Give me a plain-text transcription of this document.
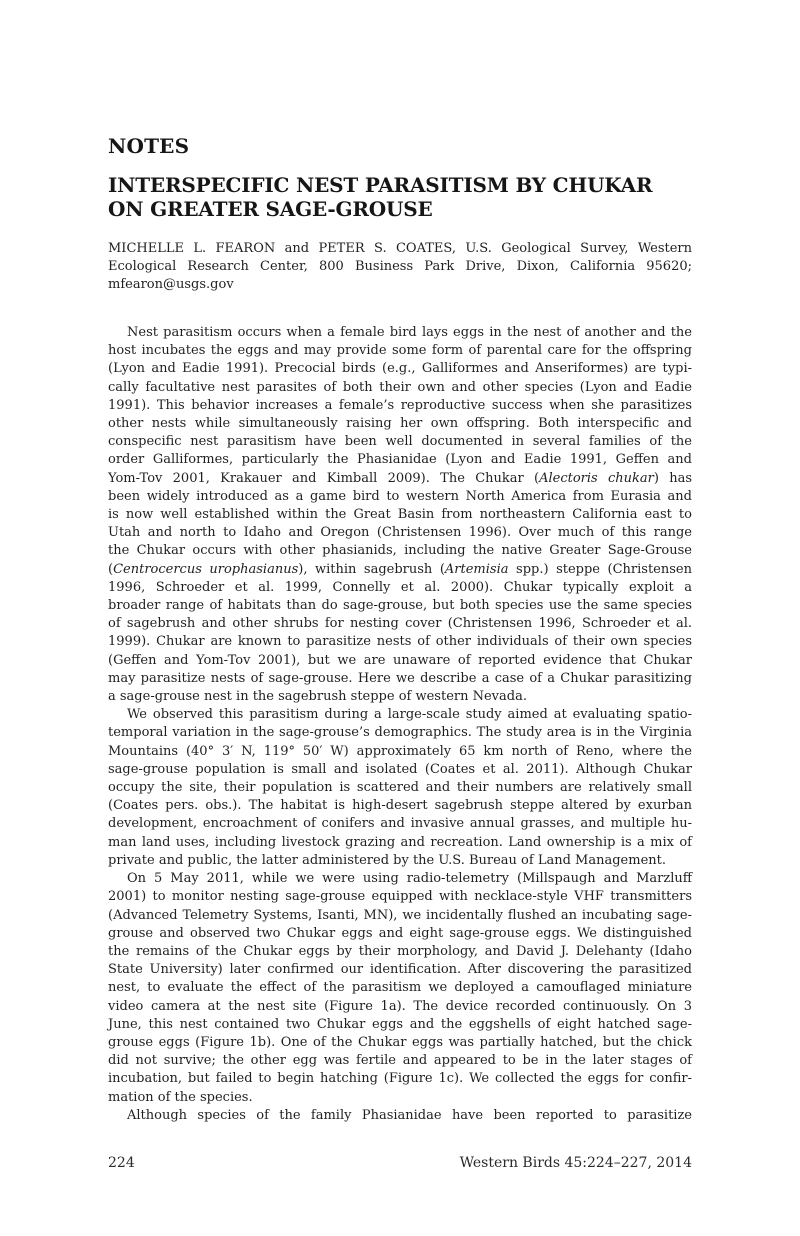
NOTES
INTERSPECIFIC NEST PARASITISM BY CHUKAR
ON GREATER SAGE-GROUSE
MICHELLE L. FEARON and PETER S. COATES, U.S. Geological Survey, Western
Ecological Research Center, 800 Business Park Drive, Dixon, California 95620;
mfearon@usgs.gov
Nest parasitism occurs when a female bird lays eggs in the nest of another and the
host incubates the eggs and may provide some form of parental care for the offspring
(Lyon and Eadie 1991). Precocial birds (e.g., Galliformes and Anseriformes) are typi-
cally facultative nest parasites of both their own and other species (Lyon and Eadie
1991). This behavior increases a female’s reproductive success when she parasitizes
other nests while simultaneously raising her own offspring. Both interspecific and
conspecific nest parasitism have been well documented in several families of the
order Galliformes, particularly the Phasianidae (Lyon and Eadie 1991, Geffen and
Yom-Tov 2001, Krakauer and Kimball 2009). The Chukar (Alectoris chukar) has
been widely introduced as a game bird to western North America from Eurasia and
is now well established within the Great Basin from northeastern California east to
Utah and north to Idaho and Oregon (Christensen 1996). Over much of this range
the Chukar occurs with other phasianids, including the native Greater Sage-Grouse
(Centrocercus urophasianus), within sagebrush (Artemisia spp.) steppe (Christensen
1996, Schroeder et al. 1999, Connelly et al. 2000). Chukar typically exploit a
broader range of habitats than do sage-grouse, but both species use the same species
of sagebrush and other shrubs for nesting cover (Christensen 1996, Schroeder et al.
1999). Chukar are known to parasitize nests of other individuals of their own species
(Geffen and Yom-Tov 2001), but we are unaware of reported evidence that Chukar
may parasitize nests of sage-grouse. Here we describe a case of a Chukar parasitizing
a sage-grouse nest in the sagebrush steppe of western Nevada.
We observed this parasitism during a large-scale study aimed at evaluating spatio-
temporal variation in the sage-grouse’s demographics. The study area is in the Virginia
Mountains (40° 3′ N, 119° 50′ W) approximately 65 km north of Reno, where the
sage-grouse population is small and isolated (Coates et al. 2011). Although Chukar
occupy the site, their population is scattered and their numbers are relatively small
(Coates pers. obs.). The habitat is high-desert sagebrush steppe altered by exurban
development, encroachment of conifers and invasive annual grasses, and multiple hu-
man land uses, including livestock grazing and recreation. Land ownership is a mix of
private and public, the latter administered by the U.S. Bureau of Land Management.
On 5 May 2011, while we were using radio-telemetry (Millspaugh and Marzluff
2001) to monitor nesting sage-grouse equipped with necklace-style VHF transmitters
(Advanced Telemetry Systems, Isanti, MN), we incidentally flushed an incubating sage-
grouse and observed two Chukar eggs and eight sage-grouse eggs. We distinguished
the remains of the Chukar eggs by their morphology, and David J. Delehanty (Idaho
State University) later confirmed our identification. After discovering the parasitized
nest, to evaluate the effect of the parasitism we deployed a camouflaged miniature
video camera at the nest site (Figure 1a). The device recorded continuously. On 3
June, this nest contained two Chukar eggs and the eggshells of eight hatched sage-
grouse eggs (Figure 1b). One of the Chukar eggs was partially hatched, but the chick
did not survive; the other egg was fertile and appeared to be in the later stages of
incubation, but failed to begin hatching (Figure 1c). We collected the eggs for confir-
mation of the species.
Although species of the family Phasianidae have been reported to parasitize
224	Western Birds 45:224–227, 2014
